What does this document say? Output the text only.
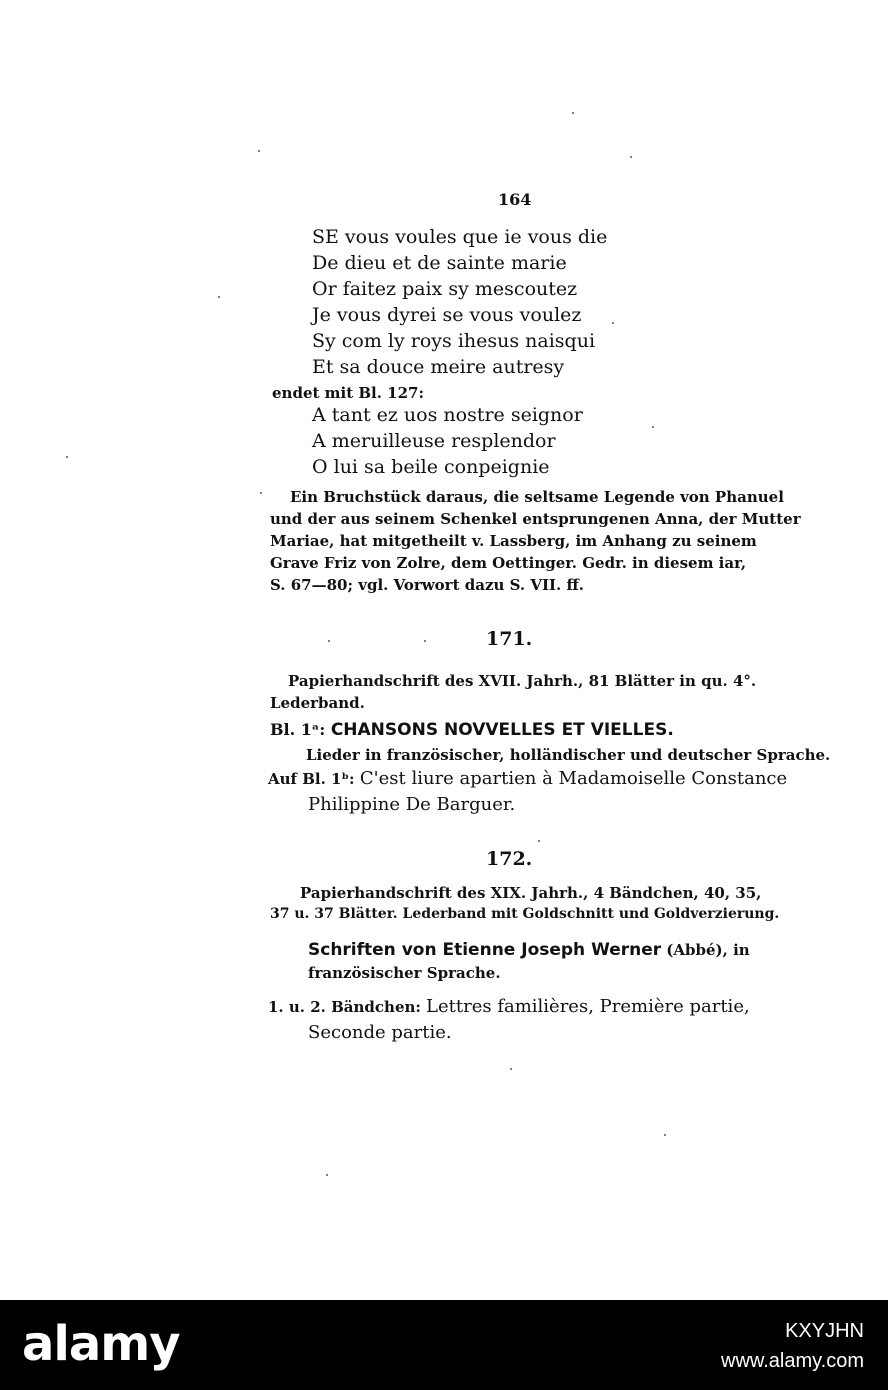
164
SE vous voules que ie vous die
De dieu et de sainte marie
Or faitez paix sy mescoutez
Je vous dyrei se vous voulez
Sy com ly roys ihesus naisqui
Et sa douce meire autresy
endet mit Bl. 127:
A tant ez uos nostre seignor
A meruilleuse resplendor
O lui sa beile conpeignie
Ein Bruchstück daraus, die seltsame Legende von Phanuel
und der aus seinem Schenkel entsprungenen Anna, der Mutter
Mariae, hat mitgetheilt v. Lassberg, im Anhang zu seinem
Grave Friz von Zolre, dem Oettinger. Gedr. in diesem iar,
S. 67—80; vgl. Vorwort dazu S. VII. ff.
171.
Papierhandschrift des XVII. Jahrh., 81 Blätter in qu. 4°.
Lederband.
Bl. 1ᵃ: CHANSONS NOVVELLES ET VIELLES.
Lieder in französischer, holländischer und deutscher Sprache.
Auf Bl. 1ᵇ: C'est liure apartien à Madamoiselle Constance
Philippine De Barguer.
172.
Papierhandschrift des XIX. Jahrh., 4 Bändchen, 40, 35,
37 u. 37 Blätter. Lederband mit Goldschnitt und Goldverzierung.
Schriften von Etienne Joseph Werner (Abbé), in
französischer Sprache.
1. u. 2. Bändchen: Lettres familières, Première partie,
Seconde partie.
alamy	KXYJHN
www.alamy.com
